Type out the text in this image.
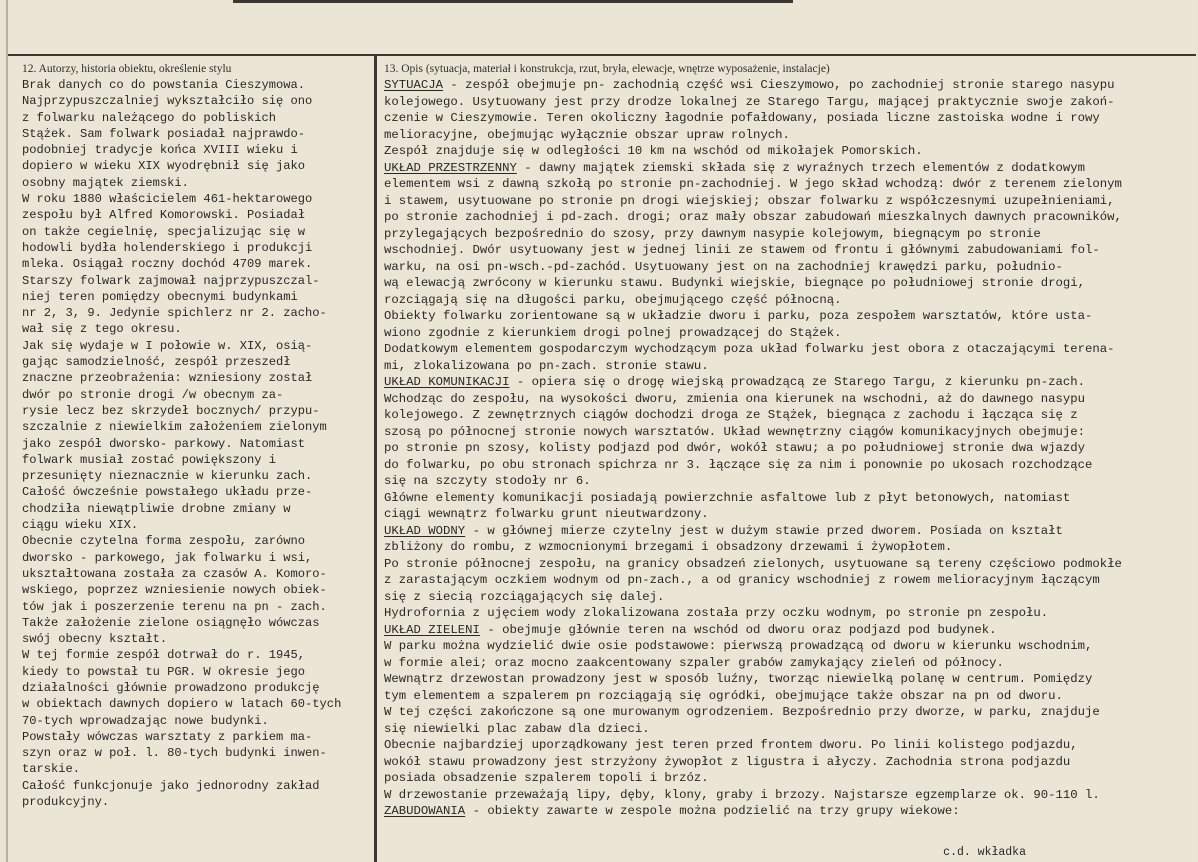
12. Autorzy, historia obiektu, określenie stylu
Brak danych co do powstania Cieszymowa.
Najprzypuszczalniej wykształciło się ono
z folwarku należącego do pobliskich
Stążek. Sam folwark posiadał najprawdo-
podobniej tradycje końca XVIII wieku i
dopiero w wieku XIX wyodrębnił się jako
osobny majątek ziemski.
W roku 1880 właścicielem 461-hektarowego
zespołu był Alfred Komorowski. Posiadał
on także cegielnię, specjalizując się w
hodowli bydła holenderskiego i produkcji
mleka. Osiągał roczny dochód 4709 marek.
Starszy folwark zajmował najprzypuszczal-
niej teren pomiędzy obecnymi budynkami
nr 2, 3, 9. Jedynie spichlerz nr 2. zacho-
wał się z tego okresu.
Jak się wydaje w I połowie w. XIX, osią-
gając samodzielność, zespół przeszedł
znaczne przeobrażenia: wzniesiony został
dwór po stronie drogi /w obecnym za-
rysie lecz bez skrzydeł bocznych/ przypu-
szczalnie z niewielkim założeniem zielonym
jako zespół dworsko- parkowy. Natomiast
folwark musiał zostać powiększony i
przesunięty nieznacznie w kierunku zach.
Całość ówcześnie powstałego układu prze-
chodziła niewątpliwie drobne zmiany w
ciągu wieku XIX.
Obecnie czytelna forma zespołu, zarówno
dworsko - parkowego, jak folwarku i wsi,
ukształtowana została za czasów A. Komoro-
wskiego, poprzez wzniesienie nowych obiek-
tów jak i poszerzenie terenu na pn - zach.
Także założenie zielone osiągnęło wówczas
swój obecny kształt.
W tej formie zespół dotrwał do r. 1945,
kiedy to powstał tu PGR. W okresie jego
działalności głównie prowadzono produkcję
w obiektach dawnych dopiero w latach 60-tych
70-tych wprowadzając nowe budynki.
Powstały wówczas warsztaty z parkiem ma-
szyn oraz w poł. l. 80-tych budynki inwen-
tarskie.
Całość funkcjonuje jako jednorodny zakład
produkcyjny.
13. Opis (sytuacja, materiał i konstrukcja, rzut, bryła, elewacje, wnętrze wyposażenie, instalacje)
SYTUACJA - zespół obejmuje pn- zachodnią część wsi Cieszymowo, po zachodniej stronie starego nasypu
kolejowego. Usytuowany jest przy drodze lokalnej ze Starego Targu, mającej praktycznie swoje zakoń-
czenie w Cieszymowie. Teren okoliczny łagodnie pofałdowany, posiada liczne zastoiska wodne i rowy
melioracyjne, obejmując wyłącznie obszar upraw rolnych.
Zespół znajduje się w odległości 10 km na wschód od mikołajek Pomorskich.
UKŁAD PRZESTRZENNY - dawny majątek ziemski składa się z wyraźnych trzech elementów z dodatkowym
elementem wsi z dawną szkołą po stronie pn-zachodniej. W jego skład wchodzą: dwór z terenem zielonym
i stawem, usytuowane po stronie pn drogi wiejskiej; obszar folwarku z współczesnymi uzupełnieniami,
po stronie zachodniej i pd-zach. drogi; oraz mały obszar zabudowań mieszkalnych dawnych pracowników,
przylegających bezpośrednio do szosy, przy dawnym nasypie kolejowym, biegnącym po stronie
wschodniej. Dwór usytuowany jest w jednej linii ze stawem od frontu i głównymi zabudowaniami fol-
warku, na osi pn-wsch.-pd-zachód. Usytuowany jest on na zachodniej krawędzi parku, południo-
wą elewacją zwrócony w kierunku stawu. Budynki wiejskie, biegnące po południowej stronie drogi,
rozciągają się na długości parku, obejmującego część północną.
Obiekty folwarku zorientowane są w układzie dworu i parku, poza zespołem warsztatów, które usta-
wiono zgodnie z kierunkiem drogi polnej prowadzącej do Stążek.
Dodatkowym elementem gospodarczym wychodzącym poza układ folwarku jest obora z otaczającymi terena-
mi, zlokalizowana po pn-zach. stronie stawu.
UKŁAD KOMUNIKACJI - opiera się o drogę wiejską prowadzącą ze Starego Targu, z kierunku pn-zach.
Wchodząc do zespołu, na wysokości dworu, zmienia ona kierunek na wschodni, aż do dawnego nasypu
kolejowego. Z zewnętrznych ciągów dochodzi droga ze Stążek, biegnąca z zachodu i łącząca się z
szosą po północnej stronie nowych warsztatów. Układ wewnętrzny ciągów komunikacyjnych obejmuje:
po stronie pn szosy, kolisty podjazd pod dwór, wokół stawu; a po południowej stronie dwa wjazdy
do folwarku, po obu stronach spichrza nr 3. łączące się za nim i ponownie po ukosach rozchodzące
się na szczyty stodoły nr 6.
Główne elementy komunikacji posiadają powierzchnie asfaltowe lub z płyt betonowych, natomiast
ciągi wewnątrz folwarku grunt nieutwardzony.
UKŁAD WODNY - w głównej mierze czytelny jest w dużym stawie przed dworem. Posiada on kształt
zbliżony do rombu, z wzmocnionymi brzegami i obsadzony drzewami i żywopłotem.
Po stronie północnej zespołu, na granicy obsadzeń zielonych, usytuowane są tereny częściowo podmokłe
z zarastającym oczkiem wodnym od pn-zach., a od granicy wschodniej z rowem melioracyjnym łączącym
się z siecią rozciągających się dalej.
Hydrofornia z ujęciem wody zlokalizowana została przy oczku wodnym, po stronie pn zespołu.
UKŁAD ZIELENI - obejmuje głównie teren na wschód od dworu oraz podjazd pod budynek.
W parku można wydzielić dwie osie podstawowe: pierwszą prowadzącą od dworu w kierunku wschodnim,
w formie alei; oraz mocno zaakcentowany szpaler grabów zamykający zieleń od północy.
Wewnątrz drzewostan prowadzony jest w sposób luźny, tworząc niewielką polanę w centrum. Pomiędzy
tym elementem a szpalerem pn rozciągają się ogródki, obejmujące także obszar na pn od dworu.
W tej części zakończone są one murowanym ogrodzeniem. Bezpośrednio przy dworze, w parku, znajduje
się niewielki plac zabaw dla dzieci.
Obecnie najbardziej uporządkowany jest teren przed frontem dworu. Po linii kolistego podjazdu,
wokół stawu prowadzony jest strzyżony żywopłot z ligustra i ałyczy. Zachodnia strona podjazdu
posiada obsadzenie szpalerem topoli i brzóz.
W drzewostanie przeważają lipy, dęby, klony, graby i brzozy. Najstarsze egzemplarze ok. 90-110 l.
ZABUDOWANIA - obiekty zawarte w zespole można podzielić na trzy grupy wiekowe:
c.d. wkładka
